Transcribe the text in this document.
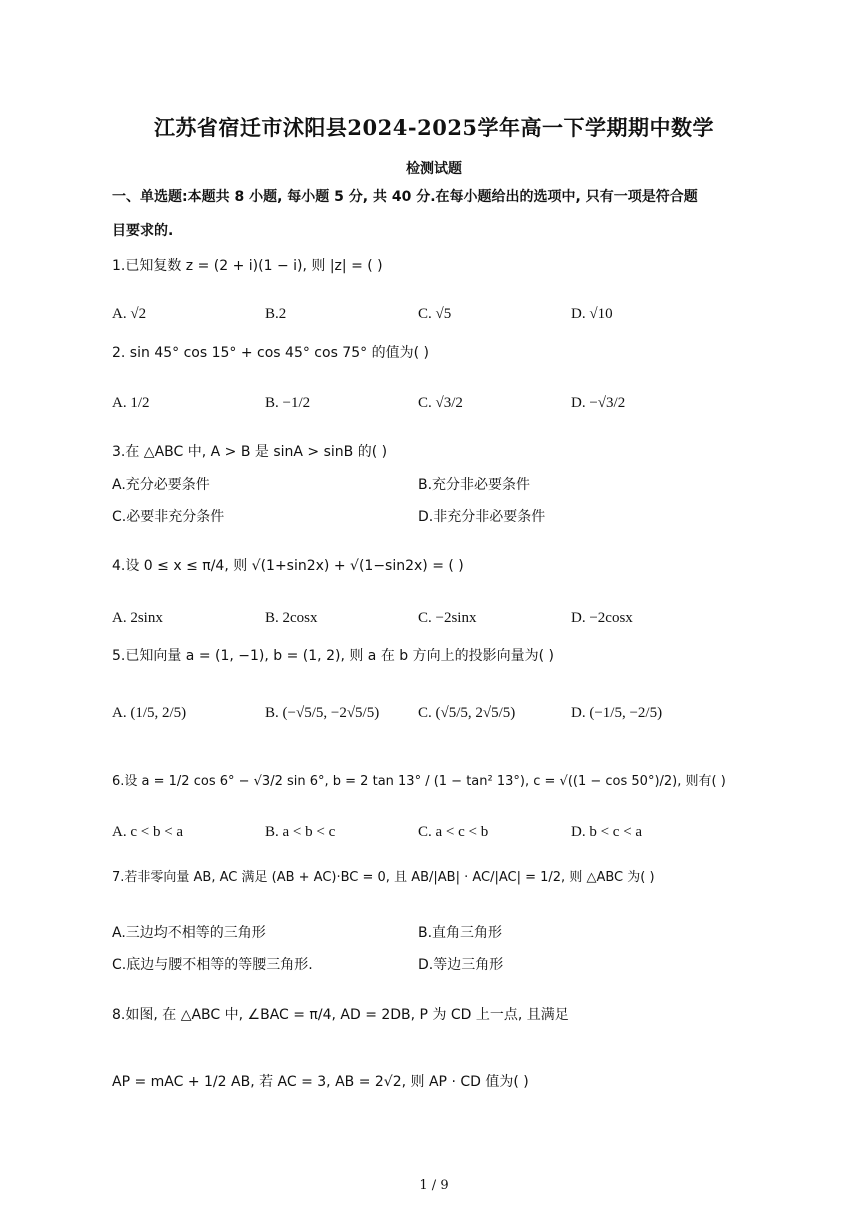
江苏省宿迁市沭阳县2024-2025学年高一下学期期中数学
检测试题
一、单选题:本题共 8 小题, 每小题 5 分, 共 40 分.在每小题给出的选项中, 只有一项是符合题
目要求的.
1.已知复数 z = (2 + i)(1 − i), 则 |z| = ( )
A. √2	B.2	C. √5	D. √10
2. sin 45° cos 15° + cos 45° cos 75° 的值为( )
A. 1/2	B. −1/2	C. √3/2	D. −√3/2
3.在 △ABC 中, A > B 是 sinA > sinB 的( )
A.充分必要条件	B.充分非必要条件
C.必要非充分条件	D.非充分非必要条件
4.设 0 ≤ x ≤ π/4, 则 √(1+sin2x) + √(1−sin2x) = ( )
A. 2sinx	B. 2cosx	C. −2sinx	D. −2cosx
5.已知向量 a = (1, −1), b = (1, 2), 则 a 在 b 方向上的投影向量为( )
A. (1/5, 2/5)	B. (−√5/5, −2√5/5)	C. (√5/5, 2√5/5)	D. (−1/5, −2/5)
6.设 a = 1/2 cos 6° − √3/2 sin 6°, b = 2 tan 13° / (1 − tan² 13°), c = √((1 − cos 50°)/2), 则有( )
A. c < b < a	B. a < b < c	C. a < c < b	D. b < c < a
7.若非零向量 AB, AC 满足 (AB + AC)·BC = 0, 且 AB/|AB| · AC/|AC| = 1/2, 则 △ABC 为( )
A.三边均不相等的三角形	B.直角三角形
C.底边与腰不相等的等腰三角形.	D.等边三角形
8.如图, 在 △ABC 中, ∠BAC = π/4, AD = 2DB, P 为 CD 上一点, 且满足
AP = mAC + 1/2 AB, 若 AC = 3, AB = 2√2, 则 AP · CD 值为( )
1 / 9
